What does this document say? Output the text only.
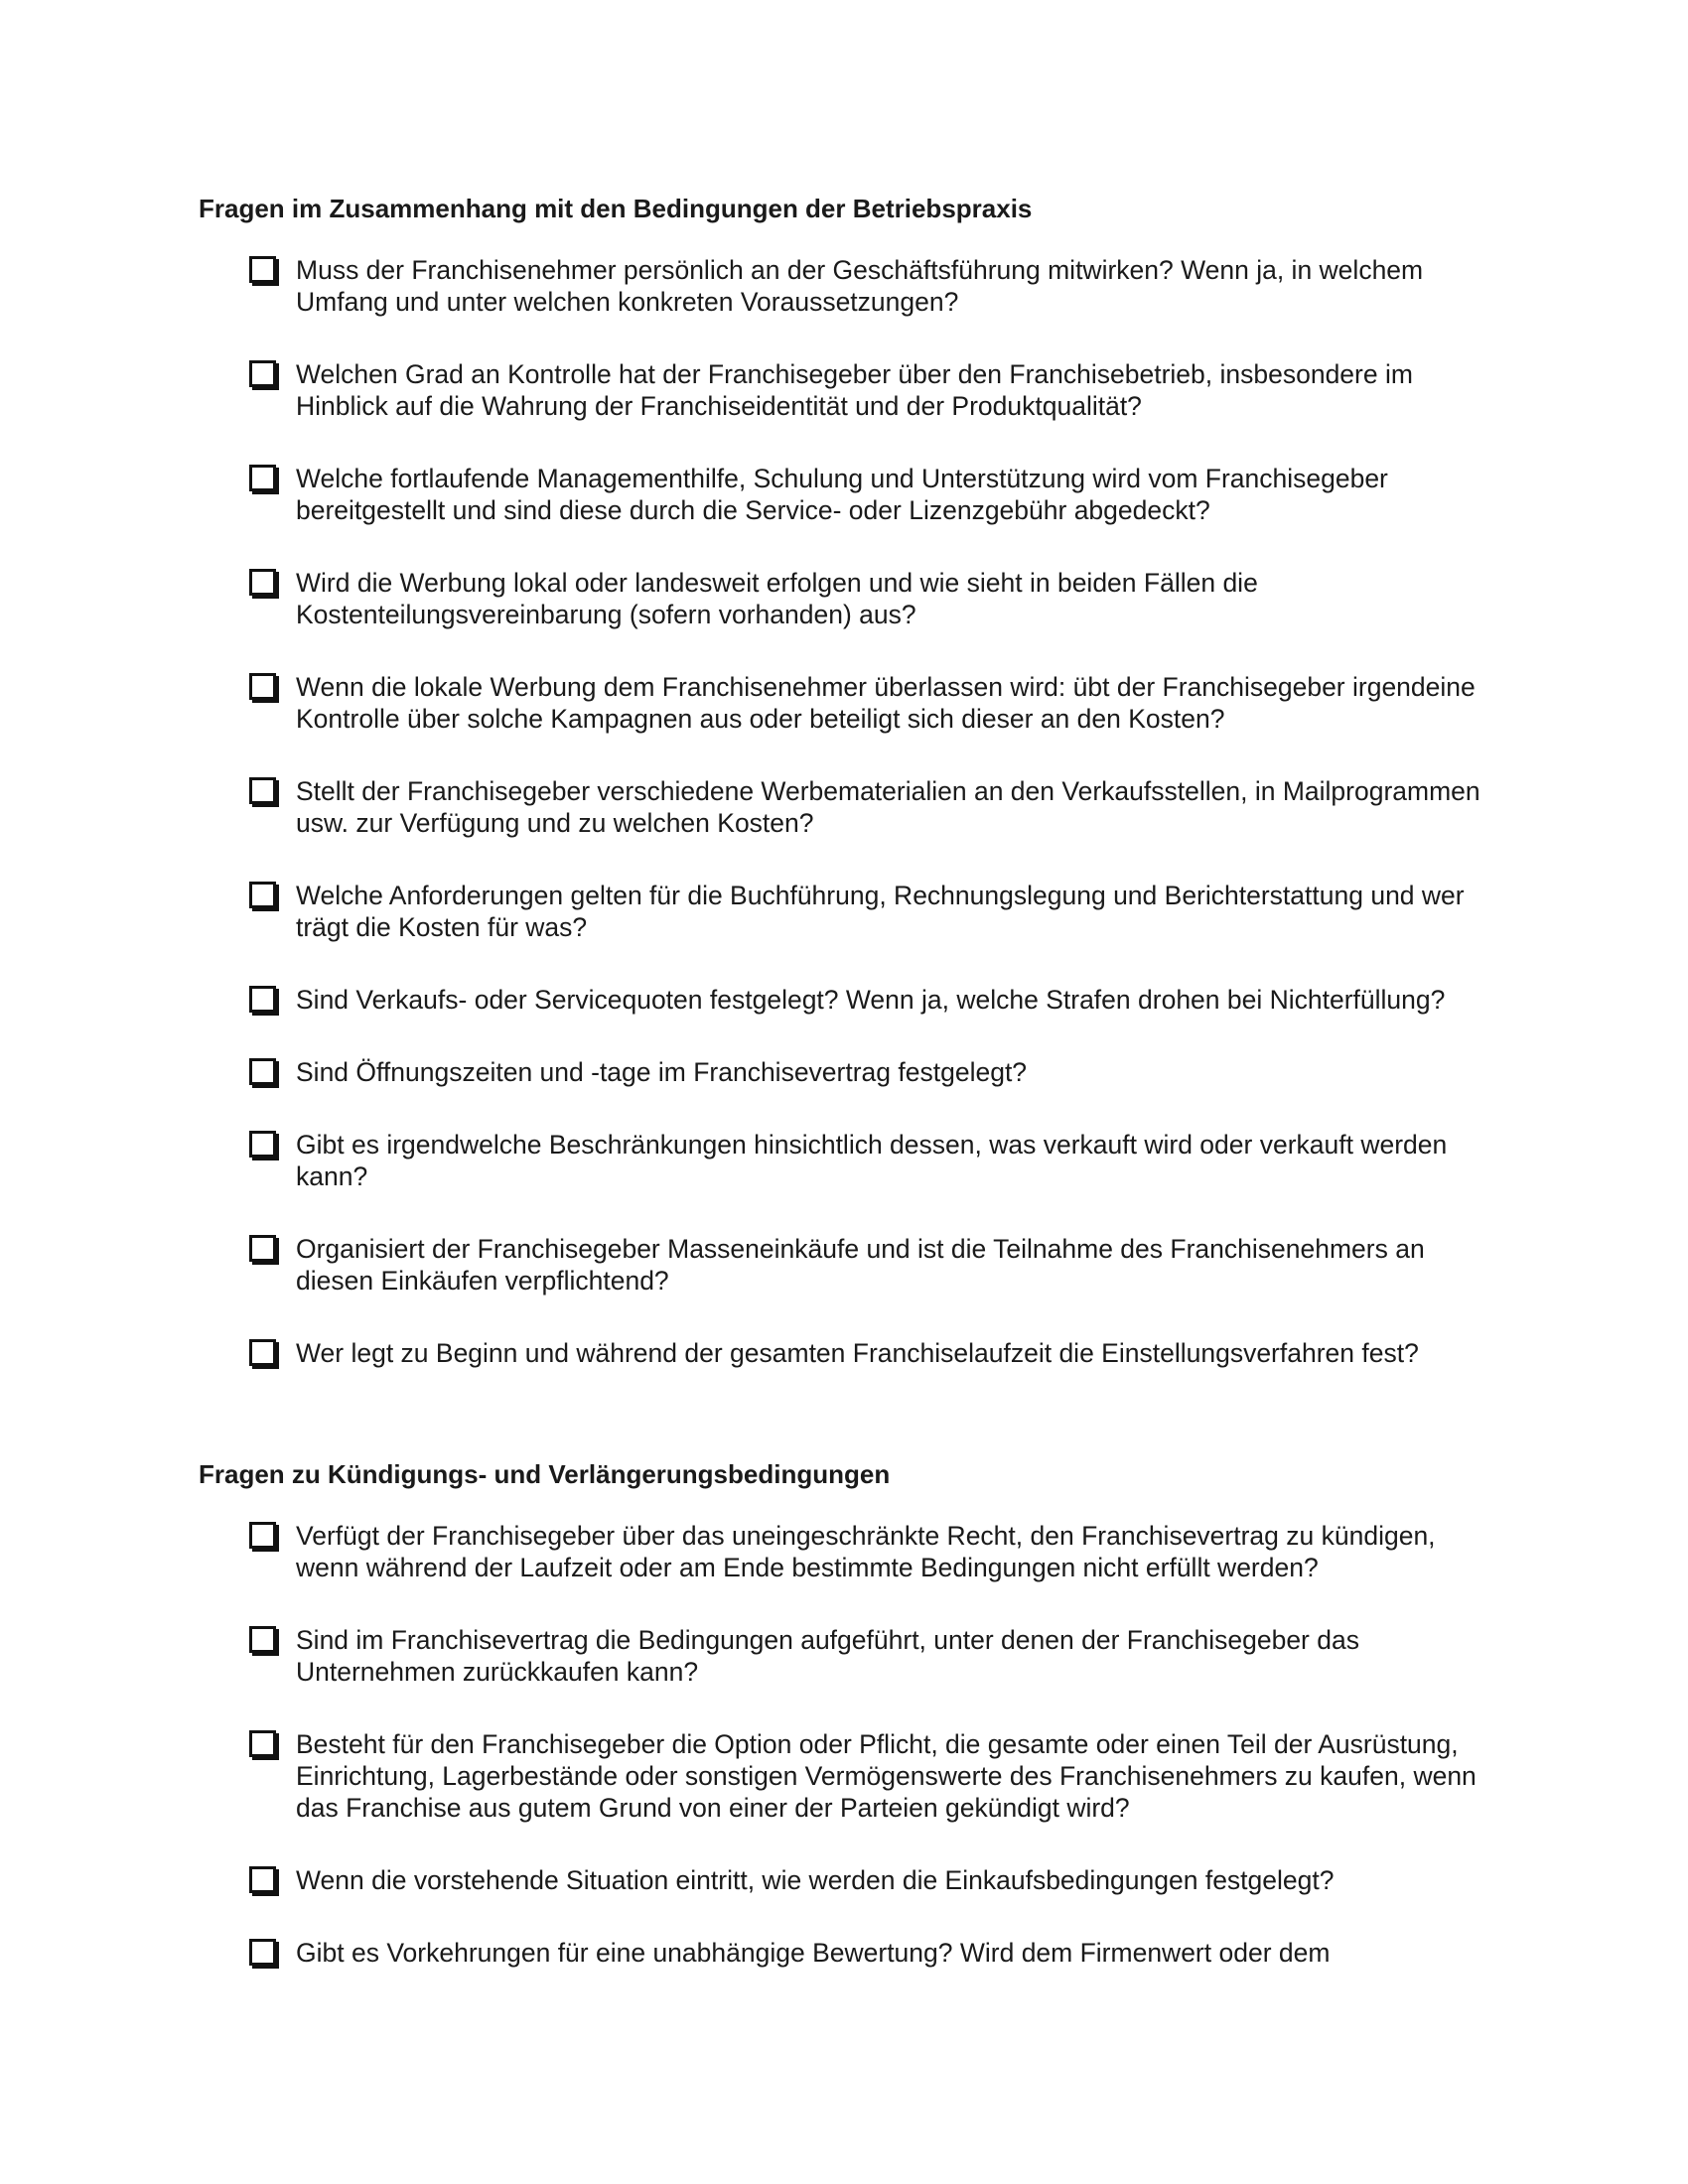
Fragen im Zusammenhang mit den Bedingungen der Betriebspraxis
Muss der Franchisenehmer persönlich an der Geschäftsführung mitwirken? Wenn ja, in welchem Umfang und unter welchen konkreten Voraussetzungen?
Welchen Grad an Kontrolle hat der Franchisegeber über den Franchisebetrieb, insbesondere im Hinblick auf die Wahrung der Franchiseidentität und der Produktqualität?
Welche fortlaufende Managementhilfe, Schulung und Unterstützung wird vom Franchisegeber bereitgestellt und sind diese durch die Service- oder Lizenzgebühr abgedeckt?
Wird die Werbung lokal oder landesweit erfolgen und wie sieht in beiden Fällen die Kostenteilungsvereinbarung (sofern vorhanden) aus?
Wenn die lokale Werbung dem Franchisenehmer überlassen wird: übt der Franchisegeber irgendeine Kontrolle über solche Kampagnen aus oder beteiligt sich dieser an den Kosten?
Stellt der Franchisegeber verschiedene Werbematerialien an den Verkaufsstellen, in Mailprogrammen usw. zur Verfügung und zu welchen Kosten?
Welche Anforderungen gelten für die Buchführung, Rechnungslegung und Berichterstattung und wer trägt die Kosten für was?
Sind Verkaufs- oder Servicequoten festgelegt? Wenn ja, welche Strafen drohen bei Nichterfüllung?
Sind Öffnungszeiten und -tage im Franchisevertrag festgelegt?
Gibt es irgendwelche Beschränkungen hinsichtlich dessen, was verkauft wird oder verkauft werden kann?
Organisiert der Franchisegeber Masseneinkäufe und ist die Teilnahme des Franchisenehmers an diesen Einkäufen verpflichtend?
Wer legt zu Beginn und während der gesamten Franchiselaufzeit die Einstellungsverfahren fest?
Fragen zu Kündigungs- und Verlängerungsbedingungen
Verfügt der Franchisegeber über das uneingeschränkte Recht, den Franchisevertrag zu kündigen, wenn während der Laufzeit oder am Ende bestimmte Bedingungen nicht erfüllt werden?
Sind im Franchisevertrag die Bedingungen aufgeführt, unter denen der Franchisegeber das Unternehmen zurückkaufen kann?
Besteht für den Franchisegeber die Option oder Pflicht, die gesamte oder einen Teil der Ausrüstung, Einrichtung, Lagerbestände oder sonstigen Vermögenswerte des Franchisenehmers zu kaufen, wenn das Franchise aus gutem Grund von einer der Parteien gekündigt wird?
Wenn die vorstehende Situation eintritt, wie werden die Einkaufsbedingungen festgelegt?
Gibt es Vorkehrungen für eine unabhängige Bewertung? Wird dem Firmenwert oder dem
